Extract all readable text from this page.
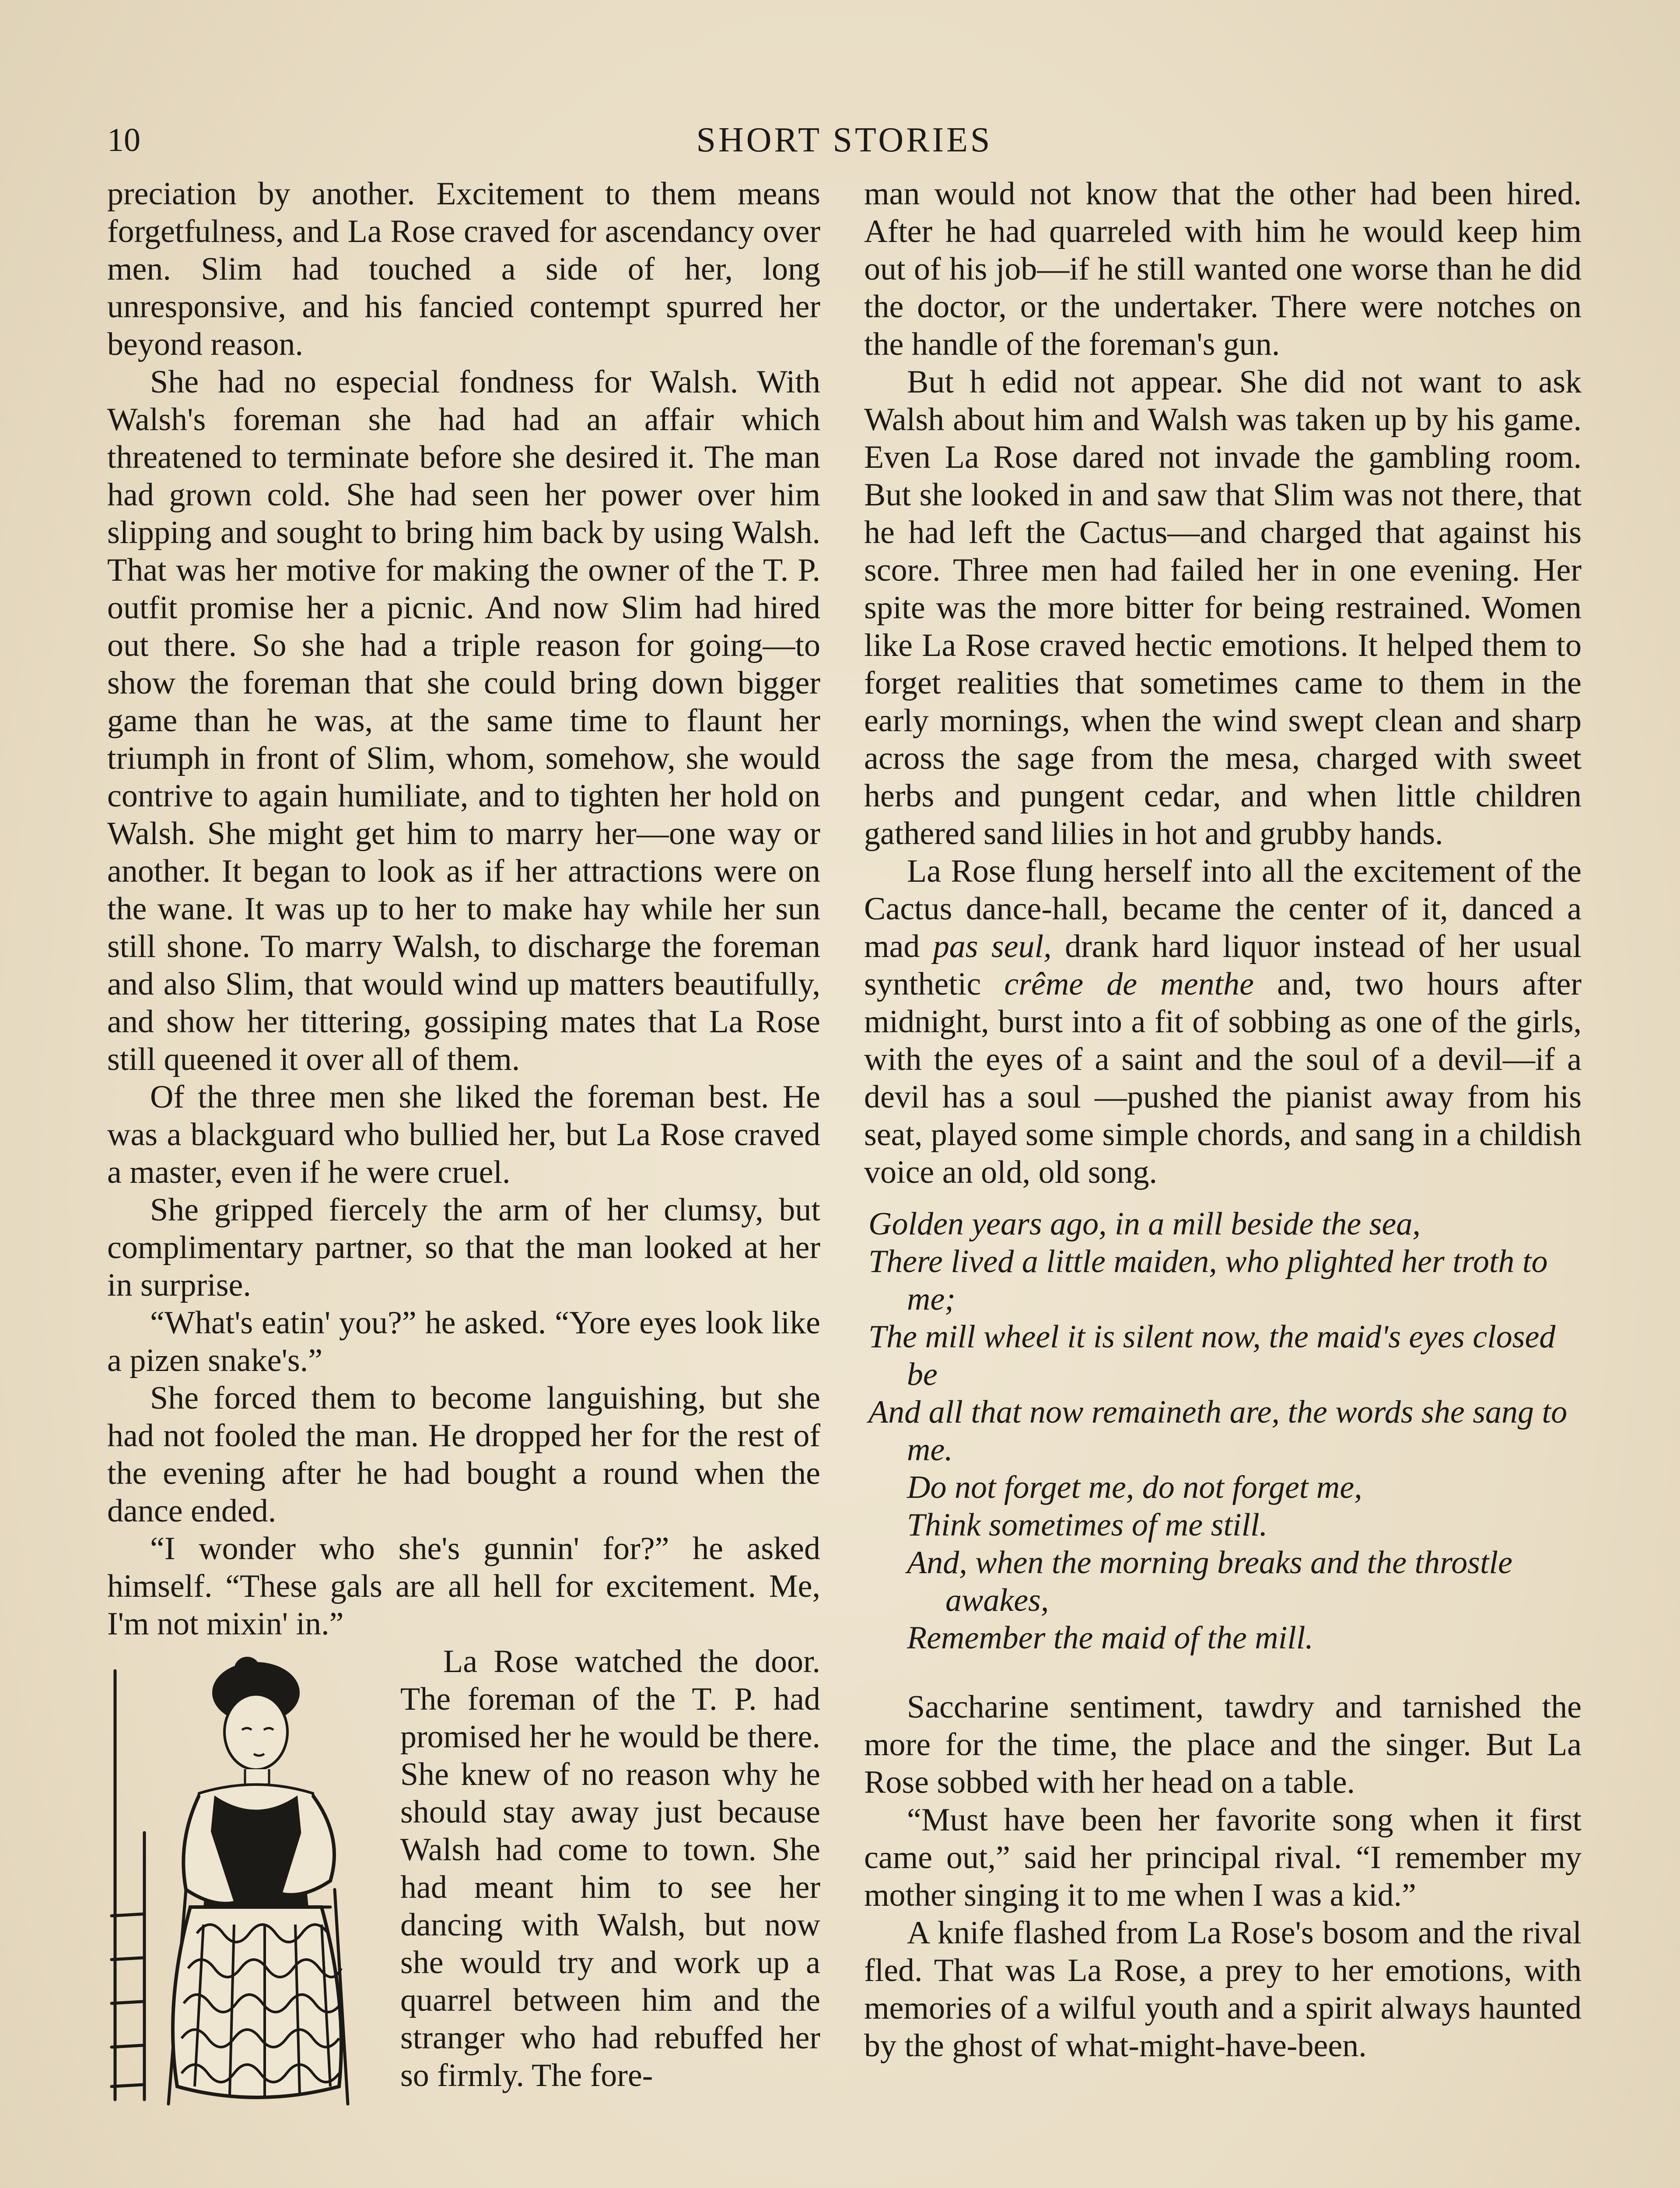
10	SHORT STORIES

preciation by another. Excitement to them means forgetfulness, and La Rose craved for ascendancy over men. Slim had touched a side of her, long unresponsive, and his fancied contempt spurred her beyond reason.

She had no especial fondness for Walsh. With Walsh's foreman she had had an affair which threatened to terminate before she desired it. The man had grown cold. She had seen her power over him slipping and sought to bring him back by using Walsh. That was her motive for making the owner of the T. P. outfit promise her a picnic. And now Slim had hired out there. So she had a triple reason for going—to show the foreman that she could bring down bigger game than he was, at the same time to flaunt her triumph in front of Slim, whom, somehow, she would contrive to again humiliate, and to tighten her hold on Walsh. She might get him to marry her—one way or another. It began to look as if her attractions were on the wane. It was up to her to make hay while her sun still shone. To marry Walsh, to discharge the foreman and also Slim, that would wind up matters beautifully, and show her tittering, gossiping mates that La Rose still queened it over all of them.

Of the three men she liked the foreman best. He was a blackguard who bullied her, but La Rose craved a master, even if he were cruel.

She gripped fiercely the arm of her clumsy, but complimentary partner, so that the man looked at her in surprise.

“What's eatin' you?” he asked. “Yore eyes look like a pizen snake's.”

She forced them to become languishing, but she had not fooled the man. He dropped her for the rest of the evening after he had bought a round when the dance ended.

“I wonder who she's gunnin' for?” he asked himself. “These gals are all hell for excitement. Me, I'm not mixin' in.”

La Rose watched the door. The foreman of the T. P. had promised her he would be there. She knew of no reason why he should stay away just because Walsh had come to town. She had meant him to see her dancing with Walsh, but now she would try and work up a quarrel between him and the stranger who had rebuffed her so firmly. The fore-

man would not know that the other had been hired. After he had quarreled with him he would keep him out of his job—if he still wanted one worse than he did the doctor, or the undertaker. There were notches on the handle of the foreman's gun.

But h edid not appear. She did not want to ask Walsh about him and Walsh was taken up by his game. Even La Rose dared not invade the gambling room. But she looked in and saw that Slim was not there, that he had left the Cactus—and charged that against his score. Three men had failed her in one evening. Her spite was the more bitter for being restrained. Women like La Rose craved hectic emotions. It helped them to forget realities that sometimes came to them in the early mornings, when the wind swept clean and sharp across the sage from the mesa, charged with sweet herbs and pungent cedar, and when little children gathered sand lilies in hot and grubby hands.

La Rose flung herself into all the excitement of the Cactus dance-hall, became the center of it, danced a mad pas seul, drank hard liquor instead of her usual synthetic crême de menthe and, two hours after midnight, burst into a fit of sobbing as one of the girls, with the eyes of a saint and the soul of a devil—if a devil has a soul —pushed the pianist away from his seat, played some simple chords, and sang in a childish voice an old, old song.

Golden years ago, in a mill beside the sea,
There lived a little maiden, who plighted her troth to me;
The mill wheel it is silent now, the maid's eyes closed be
And all that now remaineth are, the words she sang to me.
Do not forget me, do not forget me,
Think sometimes of me still.
And, when the morning breaks and the throstle awakes,
Remember the maid of the mill.

Saccharine sentiment, tawdry and tarnished the more for the time, the place and the singer. But La Rose sobbed with her head on a table.

“Must have been her favorite song when it first came out,” said her principal rival. “I remember my mother singing it to me when I was a kid.”

A knife flashed from La Rose's bosom and the rival fled. That was La Rose, a prey to her emotions, with memories of a wilful youth and a spirit always haunted by the ghost of what-might-have-been.
